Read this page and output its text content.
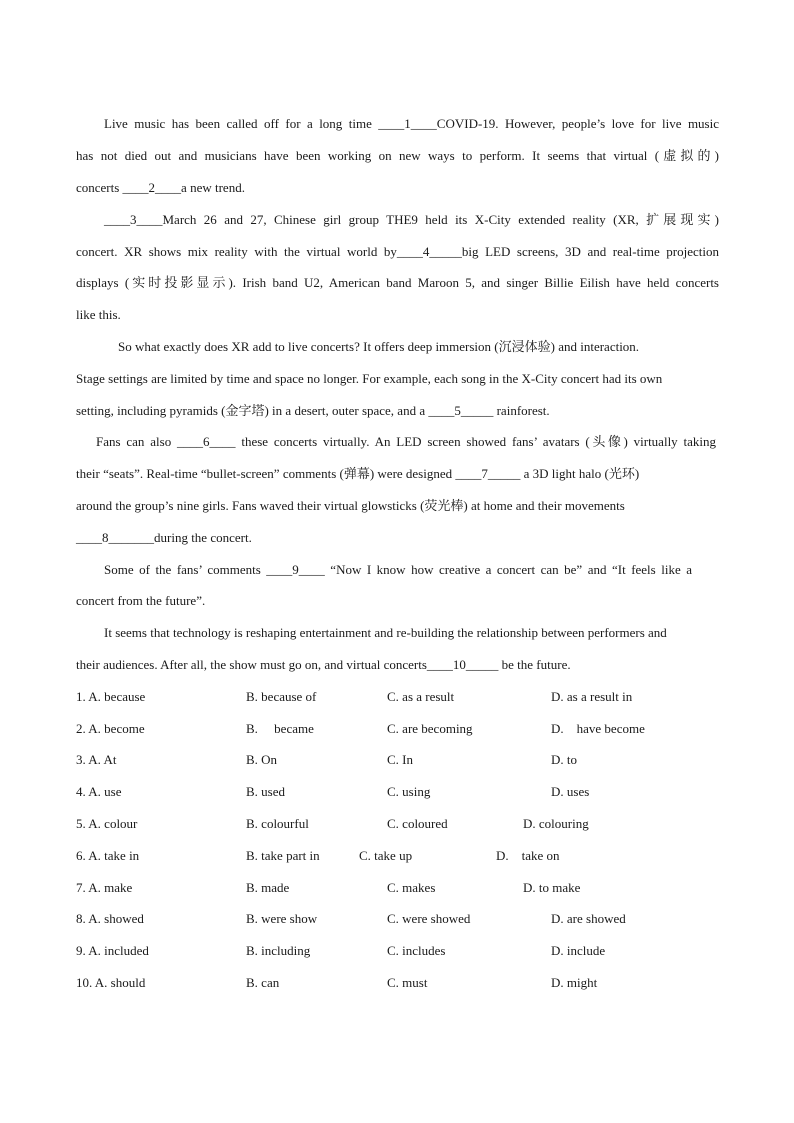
Live music has been called off for a long time ____1____COVID-19. However, people’s love for live music
has not died out and musicians have been working on new ways to perform. It seems that virtual (虚拟的)
concerts ____2____a new trend.
____3____March 26 and 27, Chinese girl group THE9 held its X-City extended reality (XR, 扩展现实)
concert. XR shows mix reality with the virtual world by____4_____big LED screens, 3D and real-time projection
displays (实时投影显示). Irish band U2, American band Maroon 5, and singer Billie Eilish have held concerts
like this.
So what exactly does XR add to live concerts? It offers deep immersion (沉浸体验) and interaction.
Stage settings are limited by time and space no longer. For example, each song in the X-City concert had its own
setting, including pyramids (金字塔) in a desert, outer space, and a ____5_____ rainforest.
Fans can also ____6____ these concerts virtually. An LED screen showed fans’ avatars (头像) virtually taking
their “seats”. Real-time “bullet-screen” comments (弹幕) were designed ____7_____ a 3D light halo (光环)
around the group’s nine girls. Fans waved their virtual glowsticks (荧光棒) at home and their movements
____8_______during the concert.
Some of the fans’ comments ____9____ “Now I know how creative a concert can be” and “It feels like a
concert from the future”.
It seems that technology is reshaping entertainment and re-building the relationship between performers and
their audiences. After all, the show must go on, and virtual concerts____10_____ be the future.
1. A. because	B. because of	C. as a result	D. as a result in
2. A. become	B.     became	C. are becoming	D.    have become
3. A. At	B. On	C. In	D. to
4. A. use	B. used	C. using	D. uses
5. A. colour	B. colourful	C. coloured	D. colouring
6. A. take in	B. take part in	C. take up	D.    take on
7. A. make	B. made	C. makes	D. to make
8. A. showed	B. were show	C. were showed	D. are showed
9. A. included	B. including	C. includes	D. include
10. A. should	B. can	C. must	D. might
